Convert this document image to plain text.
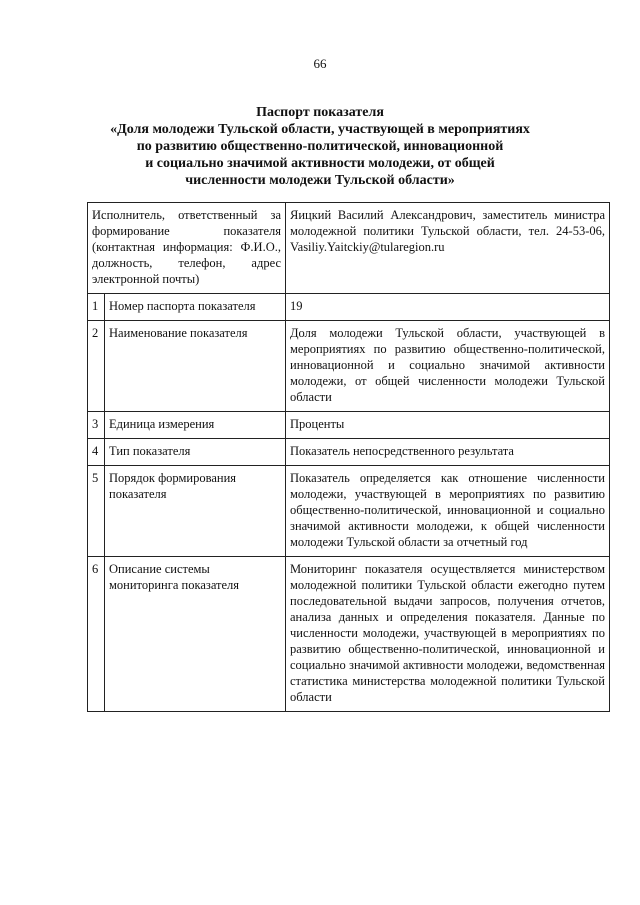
66
Паспорт показателя
«Доля молодежи Тульской области, участвующей в мероприятиях
по развитию общественно-политической, инновационной
и социально значимой активности молодежи, от общей
численности молодежи Тульской области»
Исполнитель, ответственный за формирование показателя (контактная информация: Ф.И.О., должность, телефон, адрес электронной почты)		Яицкий Василий Александрович, заместитель министра молодежной политики Тульской области, тел. 24-53-06, Vasiliy.Yaitckiy@tularegion.ru
1	Номер паспорта показателя	19
2	Наименование показателя	Доля молодежи Тульской области, участвующей в мероприятиях по развитию общественно-политической, инновационной и социально значимой активности молодежи, от общей численности молодежи Тульской области
3	Единица измерения	Проценты
4	Тип показателя	Показатель непосредственного результата
5	Порядок формирования показателя	Показатель определяется как отношение численности молодежи, участвующей в мероприятиях по развитию общественно-политической, инновационной и социально значимой активности молодежи, к общей численности молодежи Тульской области за отчетный год
6	Описание системы мониторинга показателя	Мониторинг показателя осуществляется министерством молодежной политики Тульской области ежегодно путем последовательной выдачи запросов, получения отчетов, анализа данных и определения показателя. Данные по численности молодежи, участвующей в мероприятиях по развитию общественно-политической, инновационной и социально значимой активности молодежи, ведомственная статистика министерства молодежной политики Тульской области
